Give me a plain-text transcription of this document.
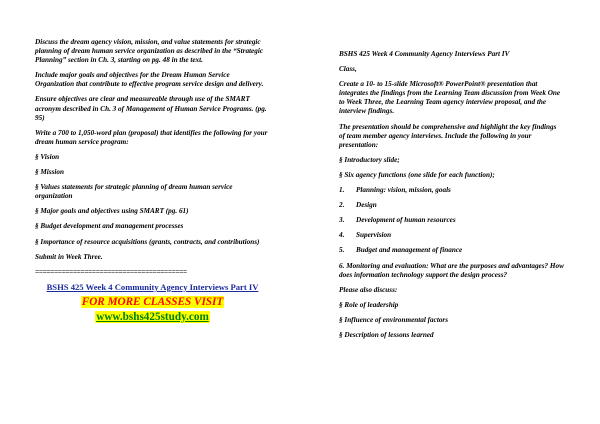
Discuss the dream agency vision, mission, and value statements for strategic planning of dream human service organization as described in the “Strategic Planning” section in Ch. 3, starting on pg. 48 in the text.

Include major goals and objectives for the Dream Human Service Organization that contribute to effective program service design and delivery.

Ensure objectives are clear and measureable through use of the SMART acronym described in Ch. 3 of Management of Human Service Programs. (pg. 95)

Write a 700 to 1,050-word plan (proposal) that identifies the following for your dream human service program:

§ Vision

§ Mission

§ Values statements for strategic planning of dream human service organization

§ Major goals and objectives using SMART (pg. 61)

§ Budget development and management processes

§ Importance of resource acquisitions (grants, contracts, and contributions)

Submit in Week Three.

========================================

BSHS 425 Week 4 Community Agency Interviews Part IV

FOR MORE CLASSES VISIT

www.bshs425study.com

BSHS 425 Week 4 Community Agency Interviews Part IV

Class,

Create a 10- to 15-slide Microsoft® PowerPoint® presentation that integrates the findings from the Learning Team discussion from Week One to Week Three, the Learning Team agency interview proposal, and the interview findings.

The presentation should be comprehensive and highlight the key findings of team member agency interviews. Include the following in your presentation:

§ Introductory slide;

§ Six agency functions (one slide for each function);

1. Planning: vision, mission, goals

2. Design

3. Development of human resources

4. Supervision

5. Budget and management of finance

6. Monitoring and evaluation: What are the purposes and advantages? How does information technology support the design process?

Please also discuss:

§ Role of leadership

§ Influence of environmental factors

§ Description of lessons learned
